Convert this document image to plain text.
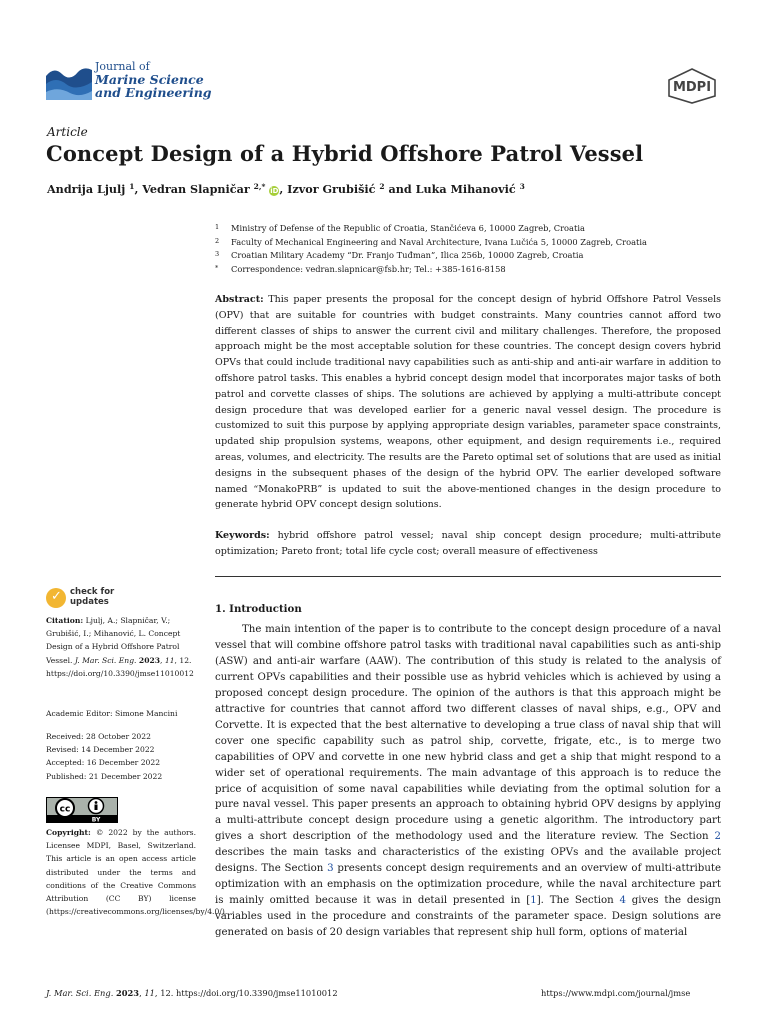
Journal of
Marine Science
and Engineering	MDPI
Article
Concept Design of a Hybrid Offshore Patrol Vessel
Andrija Ljulj $^1$, Vedran Slapničar $^{2,*}$ iD, Izvor Grubišić $^2$ and Luka Mihanović $^3$
1	Ministry of Defense of the Republic of Croatia, Stančićeva 6, 10000 Zagreb, Croatia
2	Faculty of Mechanical Engineering and Naval Architecture, Ivana Lučića 5, 10000 Zagreb, Croatia
3	Croatian Military Academy “Dr. Franjo Tuđman”, Ilica 256b, 10000 Zagreb, Croatia
*	Correspondence: vedran.slapnicar@fsb.hr; Tel.: +385-1616-8158

Abstract: This paper presents the proposal for the concept design of hybrid Offshore Patrol Vessels (OPV) that are suitable for countries with budget constraints. Many countries cannot afford two different classes of ships to answer the current civil and military challenges. Therefore, the proposed approach might be the most acceptable solution for these countries. The concept design covers hybrid OPVs that could include traditional navy capabilities such as anti-ship and anti-air warfare in addition to offshore patrol tasks. This enables a hybrid concept design model that incorporates major tasks of both patrol and corvette classes of ships. The solutions are achieved by applying a multi-attribute concept design procedure that was developed earlier for a generic naval vessel design. The procedure is customized to suit this purpose by applying appropriate design variables, parameter space constraints, updated ship propulsion systems, weapons, other equipment, and design requirements i.e., required areas, volumes, and electricity. The results are the Pareto optimal set of solutions that are used as initial designs in the subsequent phases of the design of the hybrid OPV. The earlier developed software named “MonakoPRB” is updated to suit the above-mentioned changes in the design procedure to generate hybrid OPV concept design solutions.

Keywords: hybrid offshore patrol vessel; naval ship concept design procedure; multi-attribute optimization; Pareto front; total life cycle cost; overall measure of effectiveness

✓ check for
updates
Citation: Ljulj, A.; Slapničar, V.; Grubišić, I.; Mihanović, L. Concept Design of a Hybrid Offshore Patrol Vessel. J. Mar. Sci. Eng. 2023, 11, 12. https://doi.org/10.3390/jmse11010012
Academic Editor: Simone Mancini
Received: 28 October 2022
Revised: 14 December 2022
Accepted: 16 December 2022
Published: 21 December 2022
cc
BY
Copyright: © 2022 by the authors. Licensee MDPI, Basel, Switzerland. This article is an open access article distributed under the terms and conditions of the Creative Commons Attribution (CC BY) license (https://creativecommons.org/licenses/by/4.0/).
1. Introduction

The main intention of the paper is to contribute to the concept design procedure of a naval vessel that will combine offshore patrol tasks with traditional naval capabilities such as anti-ship (ASW) and anti-air warfare (AAW). The contribution of this study is related to the analysis of current OPVs capabilities and their possible use as hybrid vehicles which is achieved by using a proposed concept design procedure. The opinion of the authors is that this approach might be attractive for countries that cannot afford two different classes of naval ships, e.g., OPV and Corvette. It is expected that the best alternative to developing a true class of naval ship that will cover one specific capability such as patrol ship, corvette, frigate, etc., is to merge two capabilities of OPV and corvette in one new hybrid class and get a ship that might respond to a wider set of operational requirements. The main advantage of this approach is to reduce the price of acquisition of some naval capabilities while deviating from the optimal solution for a pure naval vessel. This paper presents an approach to obtaining hybrid OPV designs by applying a multi-attribute concept design procedure using a genetic algorithm. The introductory part gives a short description of the methodology used and the literature review. The Section 2 describes the main tasks and characteristics of the existing OPVs and the available project designs. The Section 3 presents concept design requirements and an overview of multi-attribute optimization with an emphasis on the optimization procedure, while the naval architecture part is mainly omitted because it was in detail presented in [1]. The Section 4 gives the design variables used in the procedure and constraints of the parameter space. Design solutions are generated on basis of 20 design variables that represent ship hull form, options of material

J. Mar. Sci. Eng. 2023, 11, 12. https://doi.org/10.3390/jmse11010012	https://www.mdpi.com/journal/jmse
